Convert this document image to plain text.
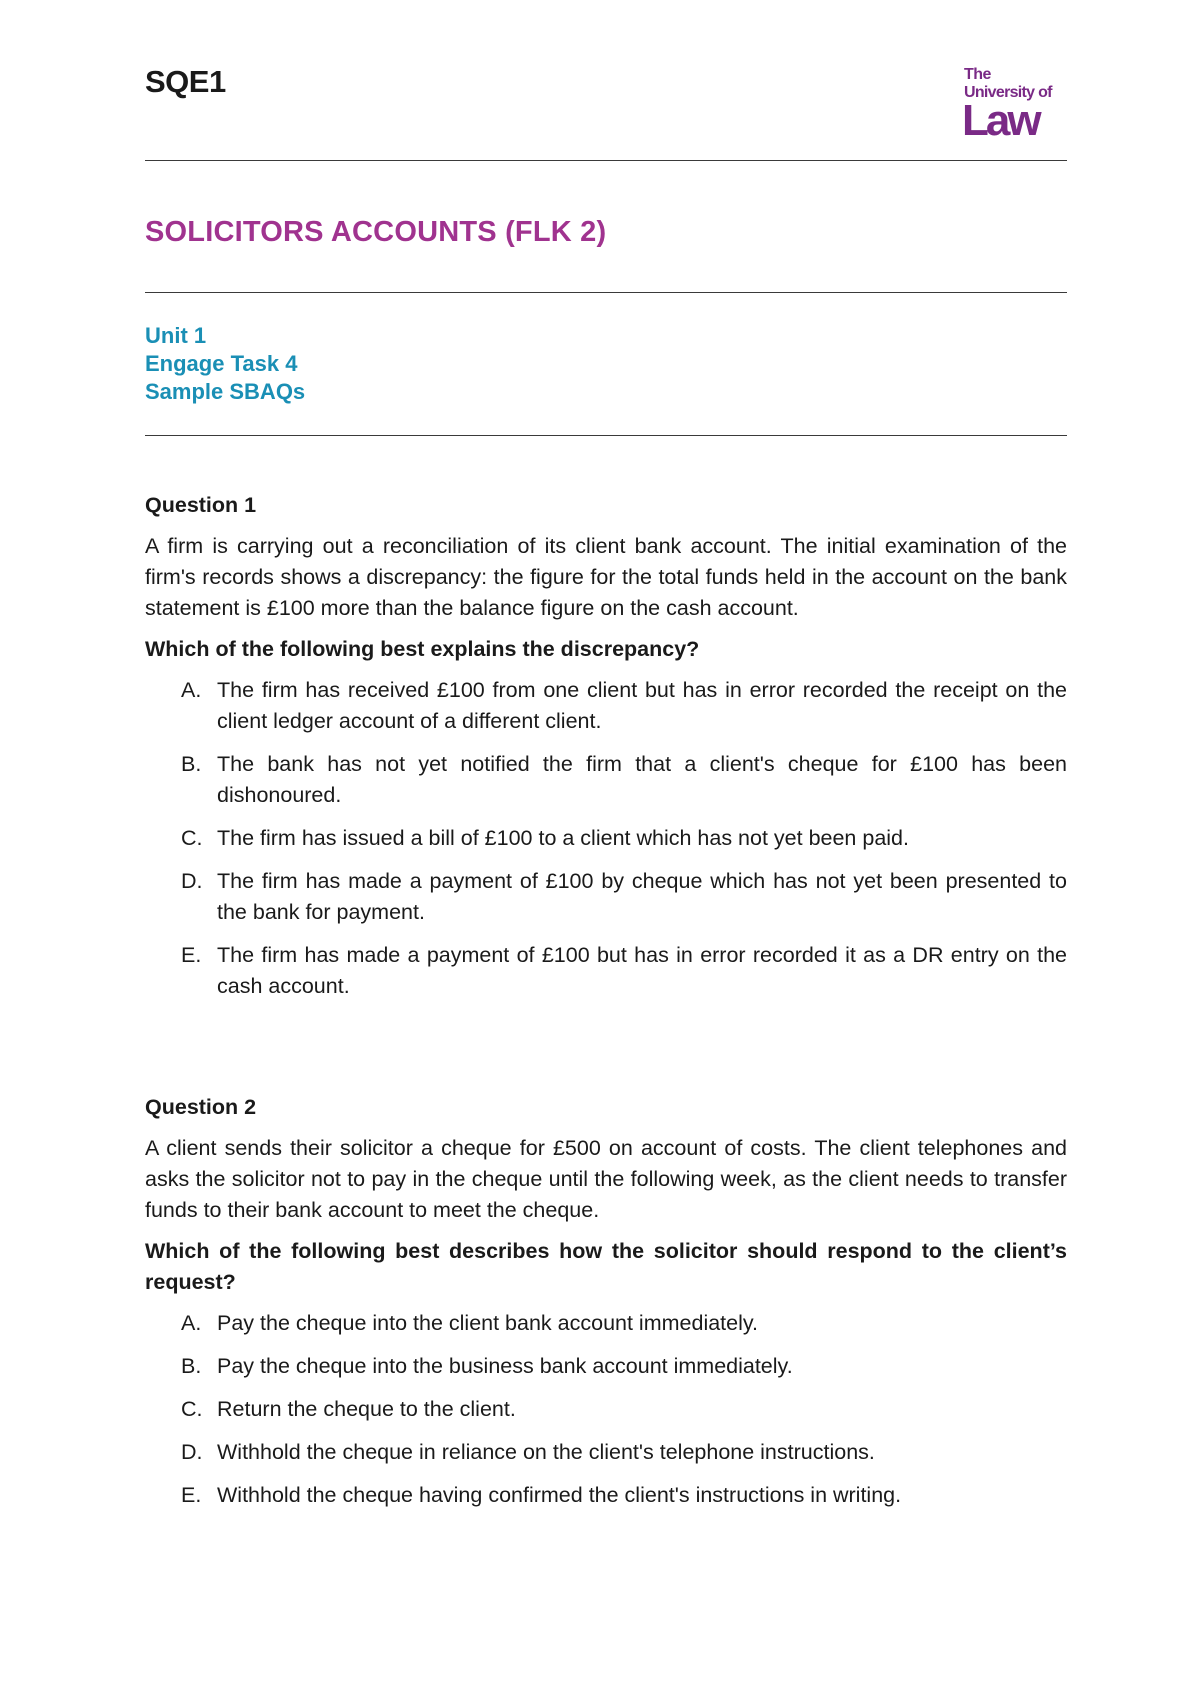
SQE1	The
University of
Law
SOLICITORS ACCOUNTS (FLK 2)
Unit 1
Engage Task 4
Sample SBAQs

Question 1

A firm is carrying out a reconciliation of its client bank account. The initial examination of the firm's records shows a discrepancy: the figure for the total funds held in the account on the bank statement is £100 more than the balance figure on the cash account.

Which of the following best explains the discrepancy?

A. The firm has received £100 from one client but has in error recorded the receipt on the client ledger account of a different client.
B. The bank has not yet notified the firm that a client's cheque for £100 has been dishonoured.
C. The firm has issued a bill of £100 to a client which has not yet been paid.
D. The firm has made a payment of £100 by cheque which has not yet been presented to the bank for payment.
E. The firm has made a payment of £100 but has in error recorded it as a DR entry on the cash account.

Question 2

A client sends their solicitor a cheque for £500 on account of costs. The client telephones and asks the solicitor not to pay in the cheque until the following week, as the client needs to transfer funds to their bank account to meet the cheque.

Which of the following best describes how the solicitor should respond to the client’s request?

A. Pay the cheque into the client bank account immediately.
B. Pay the cheque into the business bank account immediately.
C. Return the cheque to the client.
D. Withhold the cheque in reliance on the client's telephone instructions.
E. Withhold the cheque having confirmed the client's instructions in writing.
